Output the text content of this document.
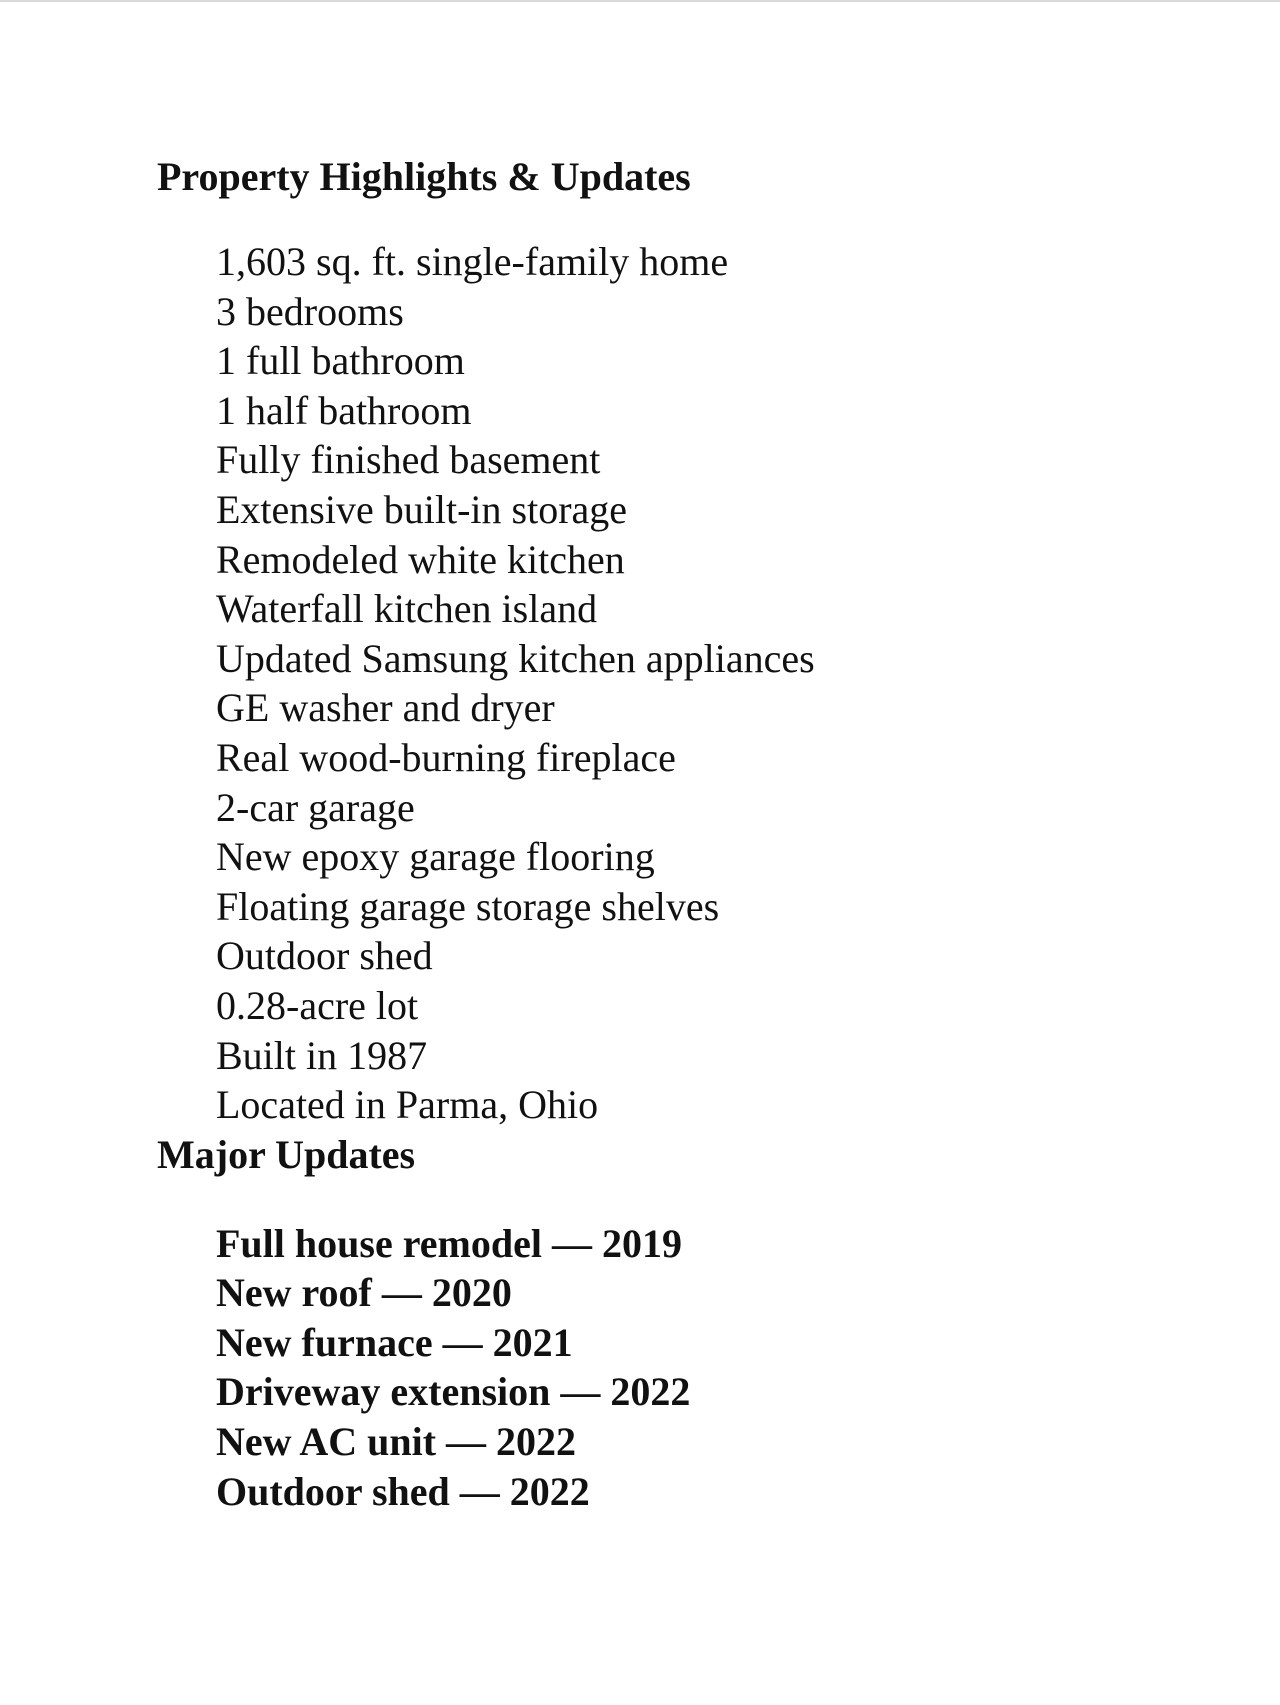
Property Highlights & Updates
1,603 sq. ft. single-family home
3 bedrooms
1 full bathroom
1 half bathroom
Fully finished basement
Extensive built-in storage
Remodeled white kitchen
Waterfall kitchen island
Updated Samsung kitchen appliances
GE washer and dryer
Real wood-burning fireplace
2-car garage
New epoxy garage flooring
Floating garage storage shelves
Outdoor shed
0.28-acre lot
Built in 1987
Located in Parma, Ohio
Major Updates
Full house remodel — 2019
New roof — 2020
New furnace — 2021
Driveway extension — 2022
New AC unit — 2022
Outdoor shed — 2022
